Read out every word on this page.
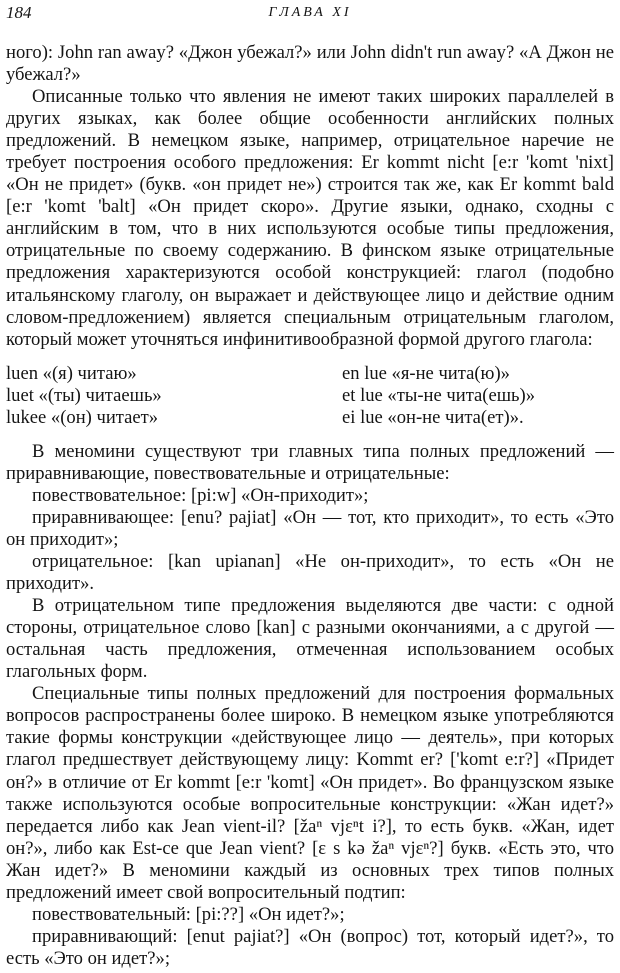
184	ГЛАВА XI

ного): John ran away? «Джон убежал?» или John didn't run away? «А Джон не убежал?»

Описанные только что явления не имеют таких широких параллелей в других языках, как более общие особенности английских полных предложений. В немецком языке, например, отрицательное наречие не требует построения особого предложения: Er kommt nicht [e:r 'komt 'nixt] «Он не придет» (букв. «он придет не») строится так же, как Er kommt bald [e:r 'komt 'balt] «Он придет скоро». Другие языки, однако, сходны с английским в том, что в них используются особые типы предложения, отрицательные по своему содержанию. В финском языке отрицательные предложения характеризуются особой конструкцией: глагол (подобно итальянскому глаголу, он выражает и действующее лицо и действие одним словом-предложением) является специальным отрицательным глаголом, который может уточняться инфинитивообразной формой другого глагола:

luen «(я) читаю»	en lue «я-не чита(ю)»
luet «(ты) читаешь»	et lue «ты-не чита(ешь)»
lukee «(он) читает»	ei lue «он-не чита(ет)».

В меномини существуют три главных типа полных предложений — приравнивающие, повествовательные и отрицательные:

повествовательное: [pi:w] «Он-приходит»;

приравнивающее: [enu? pajiat] «Он — тот, кто приходит», то есть «Это он приходит»;

отрицательное: [kan upianan] «Не он-приходит», то есть «Он не приходит».

В отрицательном типе предложения выделяются две части: с одной стороны, отрицательное слово [kan] с разными окончаниями, а с другой — остальная часть предложения, отмеченная использованием особых глагольных форм.

Специальные типы полных предложений для построения формальных вопросов распространены более широко. В немецком языке употребляются такие формы конструкции «действующее лицо — деятель», при которых глагол предшествует действующему лицу: Kommt er? ['komt e:r?] «Придет он?» в отличие от Er kommt [e:r 'komt] «Он придет». Во французском языке также используются особые вопросительные конструкции: «Жан идет?» передается либо как Jean vient-il? [žaⁿ vjɛⁿt i?], то есть букв. «Жан, идет он?», либо как Est-ce que Jean vient? [ɛ s kə žaⁿ vjɛⁿ?] букв. «Есть это, что Жан идет?» В меномини каждый из основных трех типов полных предложений имеет свой вопросительный подтип:

повествовательный: [pi:??] «Он идет?»;

приравнивающий: [enut pajiat?] «Он (вопрос) тот, который идет?», то есть «Это он идет?»;
